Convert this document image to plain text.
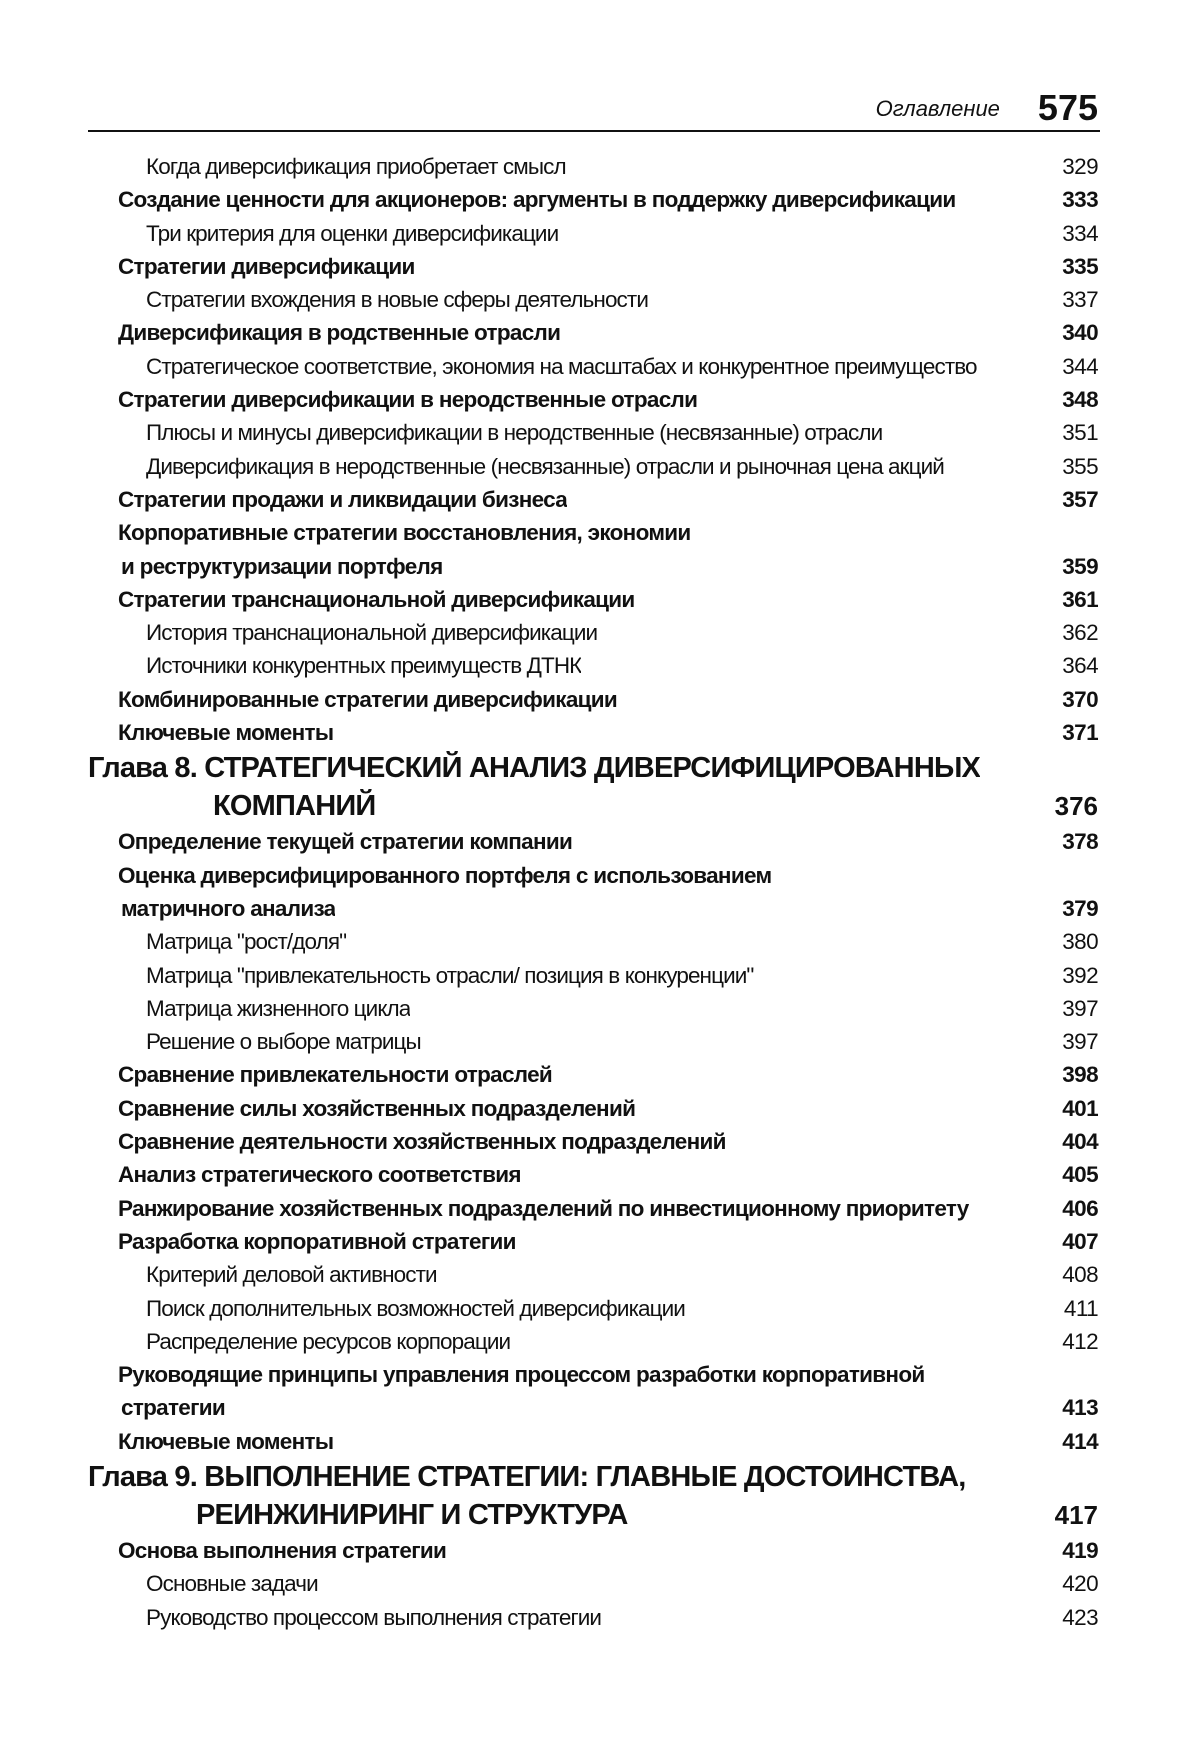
Оглавление 575
Когда диверсификация приобретает смысл	329
Создание ценности для акционеров: аргументы в поддержку диверсификации	333
Три критерия для оценки диверсификации	334
Стратегии диверсификации	335
Стратегии вхождения в новые сферы деятельности	337
Диверсификация в родственные отрасли	340
Стратегическое соответствие, экономия на масштабах и конкурентное преимущество	344
Стратегии диверсификации в неродственные отрасли	348
Плюсы и минусы диверсификации в неродственные (несвязанные) отрасли	351
Диверсификация в неродственные (несвязанные) отрасли и рыночная цена акций	355
Стратегии продажи и ликвидации бизнеса	357
Корпоративные стратегии восстановления, экономии
и реструктуризации портфеля	359
Стратегии транснациональной диверсификации	361
История транснациональной диверсификации	362
Источники конкурентных преимуществ ДТНК	364
Комбинированные стратегии диверсификации	370
Ключевые моменты	371
Глава 8. СТРАТЕГИЧЕСКИЙ АНАЛИЗ ДИВЕРСИФИЦИРОВАННЫХ
КОМПАНИЙ	376
Определение текущей стратегии компании	378
Оценка диверсифицированного портфеля с использованием
матричного анализа	379
Матрица "рост/доля"	380
Матрица "привлекательность отрасли/ позиция в конкуренции"	392
Матрица жизненного цикла	397
Решение о выборе матрицы	397
Сравнение привлекательности отраслей	398
Сравнение силы хозяйственных подразделений	401
Сравнение деятельности хозяйственных подразделений	404
Анализ стратегического соответствия	405
Ранжирование хозяйственных подразделений по инвестиционному приоритету	406
Разработка корпоративной стратегии	407
Критерий деловой активности	408
Поиск дополнительных возможностей диверсификации	411
Распределение ресурсов корпорации	412
Руководящие принципы управления процессом разработки корпоративной
стратегии	413
Ключевые моменты	414
Глава 9. ВЫПОЛНЕНИЕ СТРАТЕГИИ: ГЛАВНЫЕ ДОСТОИНСТВА,
РЕИНЖИНИРИНГ И СТРУКТУРА	417
Основа выполнения стратегии	419
Основные задачи	420
Руководство процессом выполнения стратегии	423
